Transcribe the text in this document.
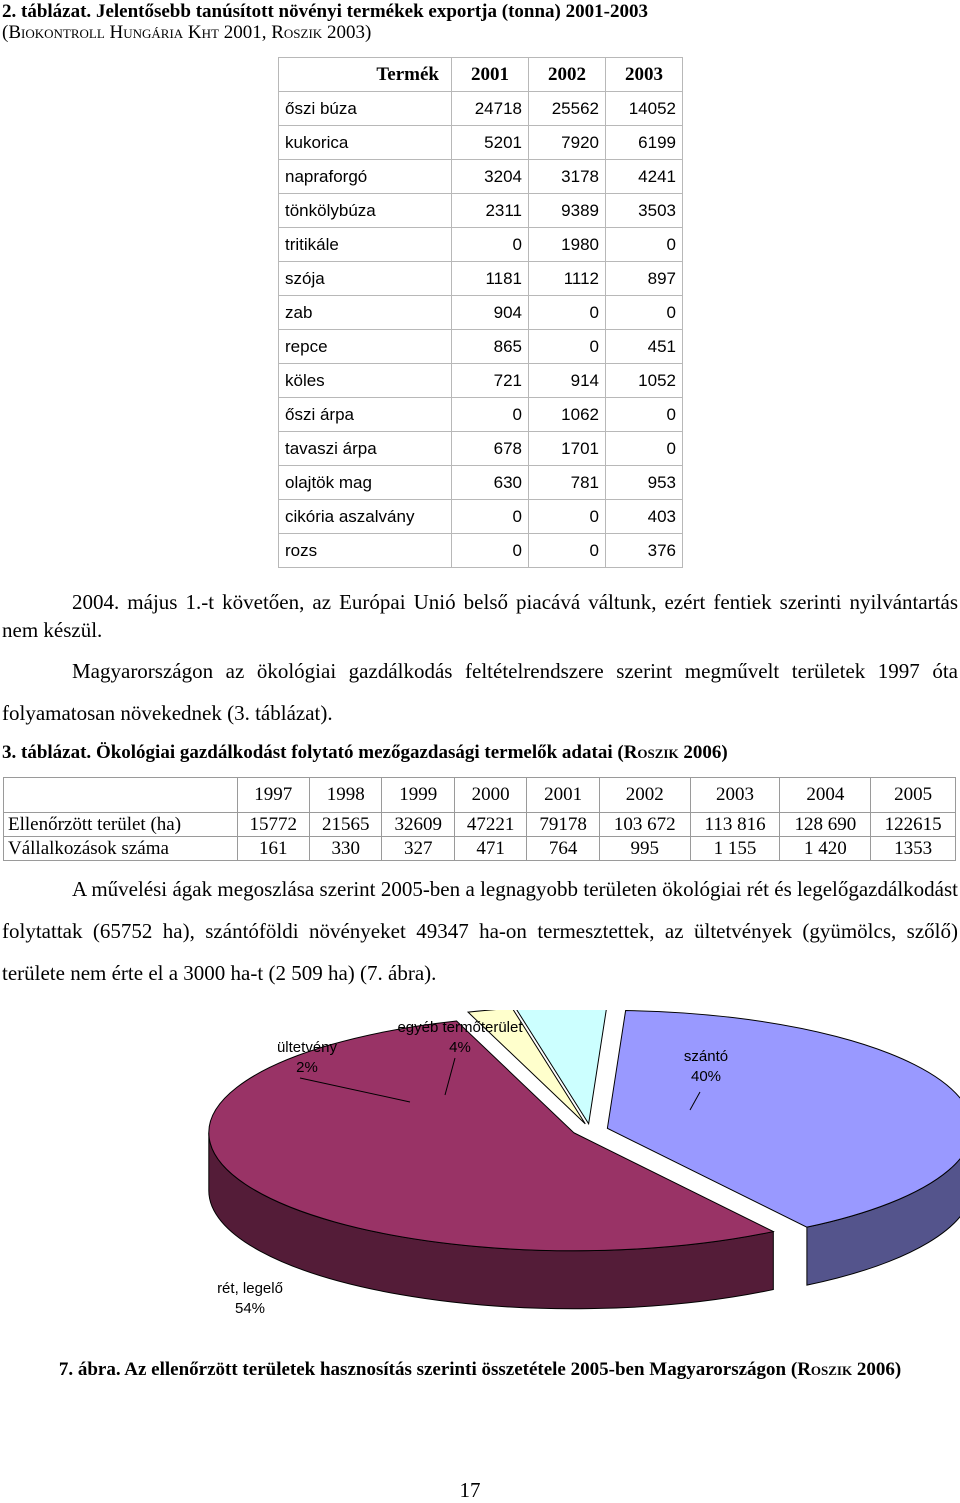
2. táblázat. Jelentősebb tanúsított növényi termékek exportja (tonna) 2001-2003
(Biokontroll Hungária Kht 2001, Roszik 2003)
Termék	2001	2002	2003
őszi búza	24718	25562	14052
kukorica	5201	7920	6199
napraforgó	3204	3178	4241
tönkölybúza	2311	9389	3503
tritikále	0	1980	0
szója	1181	1112	897
zab	904	0	0
repce	865	0	451
köles	721	914	1052
őszi árpa	0	1062	0
tavaszi árpa	678	1701	0
olajtök mag	630	781	953
cikória aszalvány	0	0	403
rozs	0	0	376
2004. május 1.-t követően, az Európai Unió belső piacává váltunk, ezért fentiek szerinti nyilvántartás nem készül.
Magyarországon az ökológiai gazdálkodás feltételrendszere szerint megművelt területek 1997 óta folyamatosan növekednek (3. táblázat).
3. táblázat. Ökológiai gazdálkodást folytató mezőgazdasági termelők adatai (Roszik 2006)
	1997	1998	1999	2000	2001	2002	2003	2004	2005
Ellenőrzött terület (ha)	15772	21565	32609	47221	79178	103 672	113 816	128 690	122615
Vállalkozások száma	161	330	327	471	764	995	1 155	1 420	1353
A művelési ágak megoszlása szerint 2005-ben a legnagyobb területen ökológiai rét és legelőgazdálkodást folytattak (65752 ha), szántóföldi növényeket 49347 ha-on termesztettek, az ültetvények (gyümölcs, szőlő) területe nem érte el a 3000 ha-t (2 509 ha) (7. ábra).
ültetvény
2%
egyéb termőterület
4%
szántó
40%
rét, legelő
54%
7. ábra. Az ellenőrzött területek hasznosítás szerinti összetétele 2005-ben Magyarországon (Roszik 2006)
17
